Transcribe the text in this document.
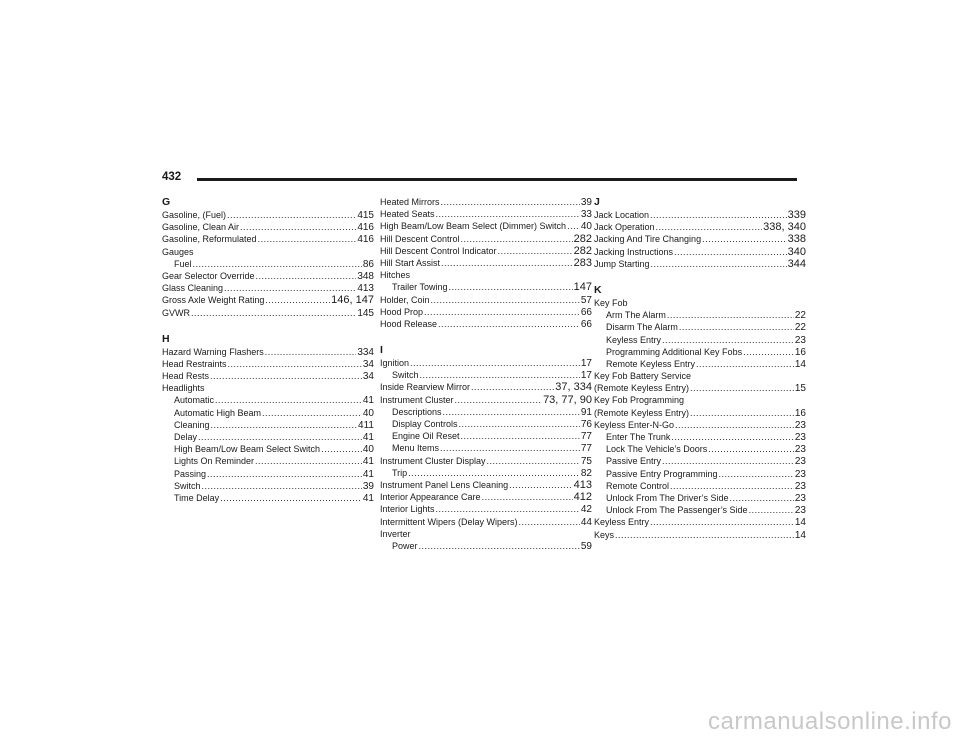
432
G
Gasoline, (Fuel) .....	415
Gasoline, Clean Air .....	416
Gasoline, Reformulated .....	416
Gauges
Fuel .....	86
Gear Selector Override .....	348
Glass Cleaning .....	413
Gross Axle Weight Rating .....	146, 147
GVWR .....	145
H
Hazard Warning Flashers .....	334
Head Restraints .....	34
Head Rests .....	34
Headlights
Automatic .....	41
Automatic High Beam .....	40
Cleaning .....	411
Delay .....	41
High Beam/Low Beam Select Switch .....	40
Lights On Reminder .....	41
Passing .....	41
Switch .....	39
Time Delay .....	41
Heated Mirrors .....	39
Heated Seats .....	33
High Beam/Low Beam Select (Dimmer) Switch ..... 40
Hill Descent Control .....	282
Hill Descent Control Indicator .....	282
Hill Start Assist .....	283
Hitches
Trailer Towing .....	147
Holder, Coin .....	57
Hood Prop .....	66
Hood Release .....	66
I
Ignition .....	17
Switch .....	17
Inside Rearview Mirror .....	37, 334
Instrument Cluster .....	73, 77, 90
Descriptions .....	91
Display Controls .....	76
Engine Oil Reset .....	77
Menu Items .....	77
Instrument Cluster Display .....	75
Trip .....	82
Instrument Panel Lens Cleaning .....	413
Interior Appearance Care .....	412
Interior Lights .....	42
Intermittent Wipers (Delay Wipers) .....	44
Inverter
Power .....	59
J
Jack Location .....	339
Jack Operation .....	338, 340
Jacking And Tire Changing .....	338
Jacking Instructions .....	340
Jump Starting .....	344
K
Key Fob
Arm The Alarm .....	22
Disarm The Alarm .....	22
Keyless Entry .....	23
Programming Additional Key Fobs .....	16
Remote Keyless Entry .....	14
Key Fob Battery Service
(Remote Keyless Entry) .....	15
Key Fob Programming
(Remote Keyless Entry) .....	16
Keyless Enter-N-Go .....	23
Enter The Trunk .....	23
Lock The Vehicle’s Doors .....	23
Passive Entry .....	23
Passive Entry Programming .....	23
Remote Control .....	23
Unlock From The Driver’s Side .....	23
Unlock From The Passenger’s Side .....	23
Keyless Entry .....	14
Keys .....	14
carmanualsonline.info
